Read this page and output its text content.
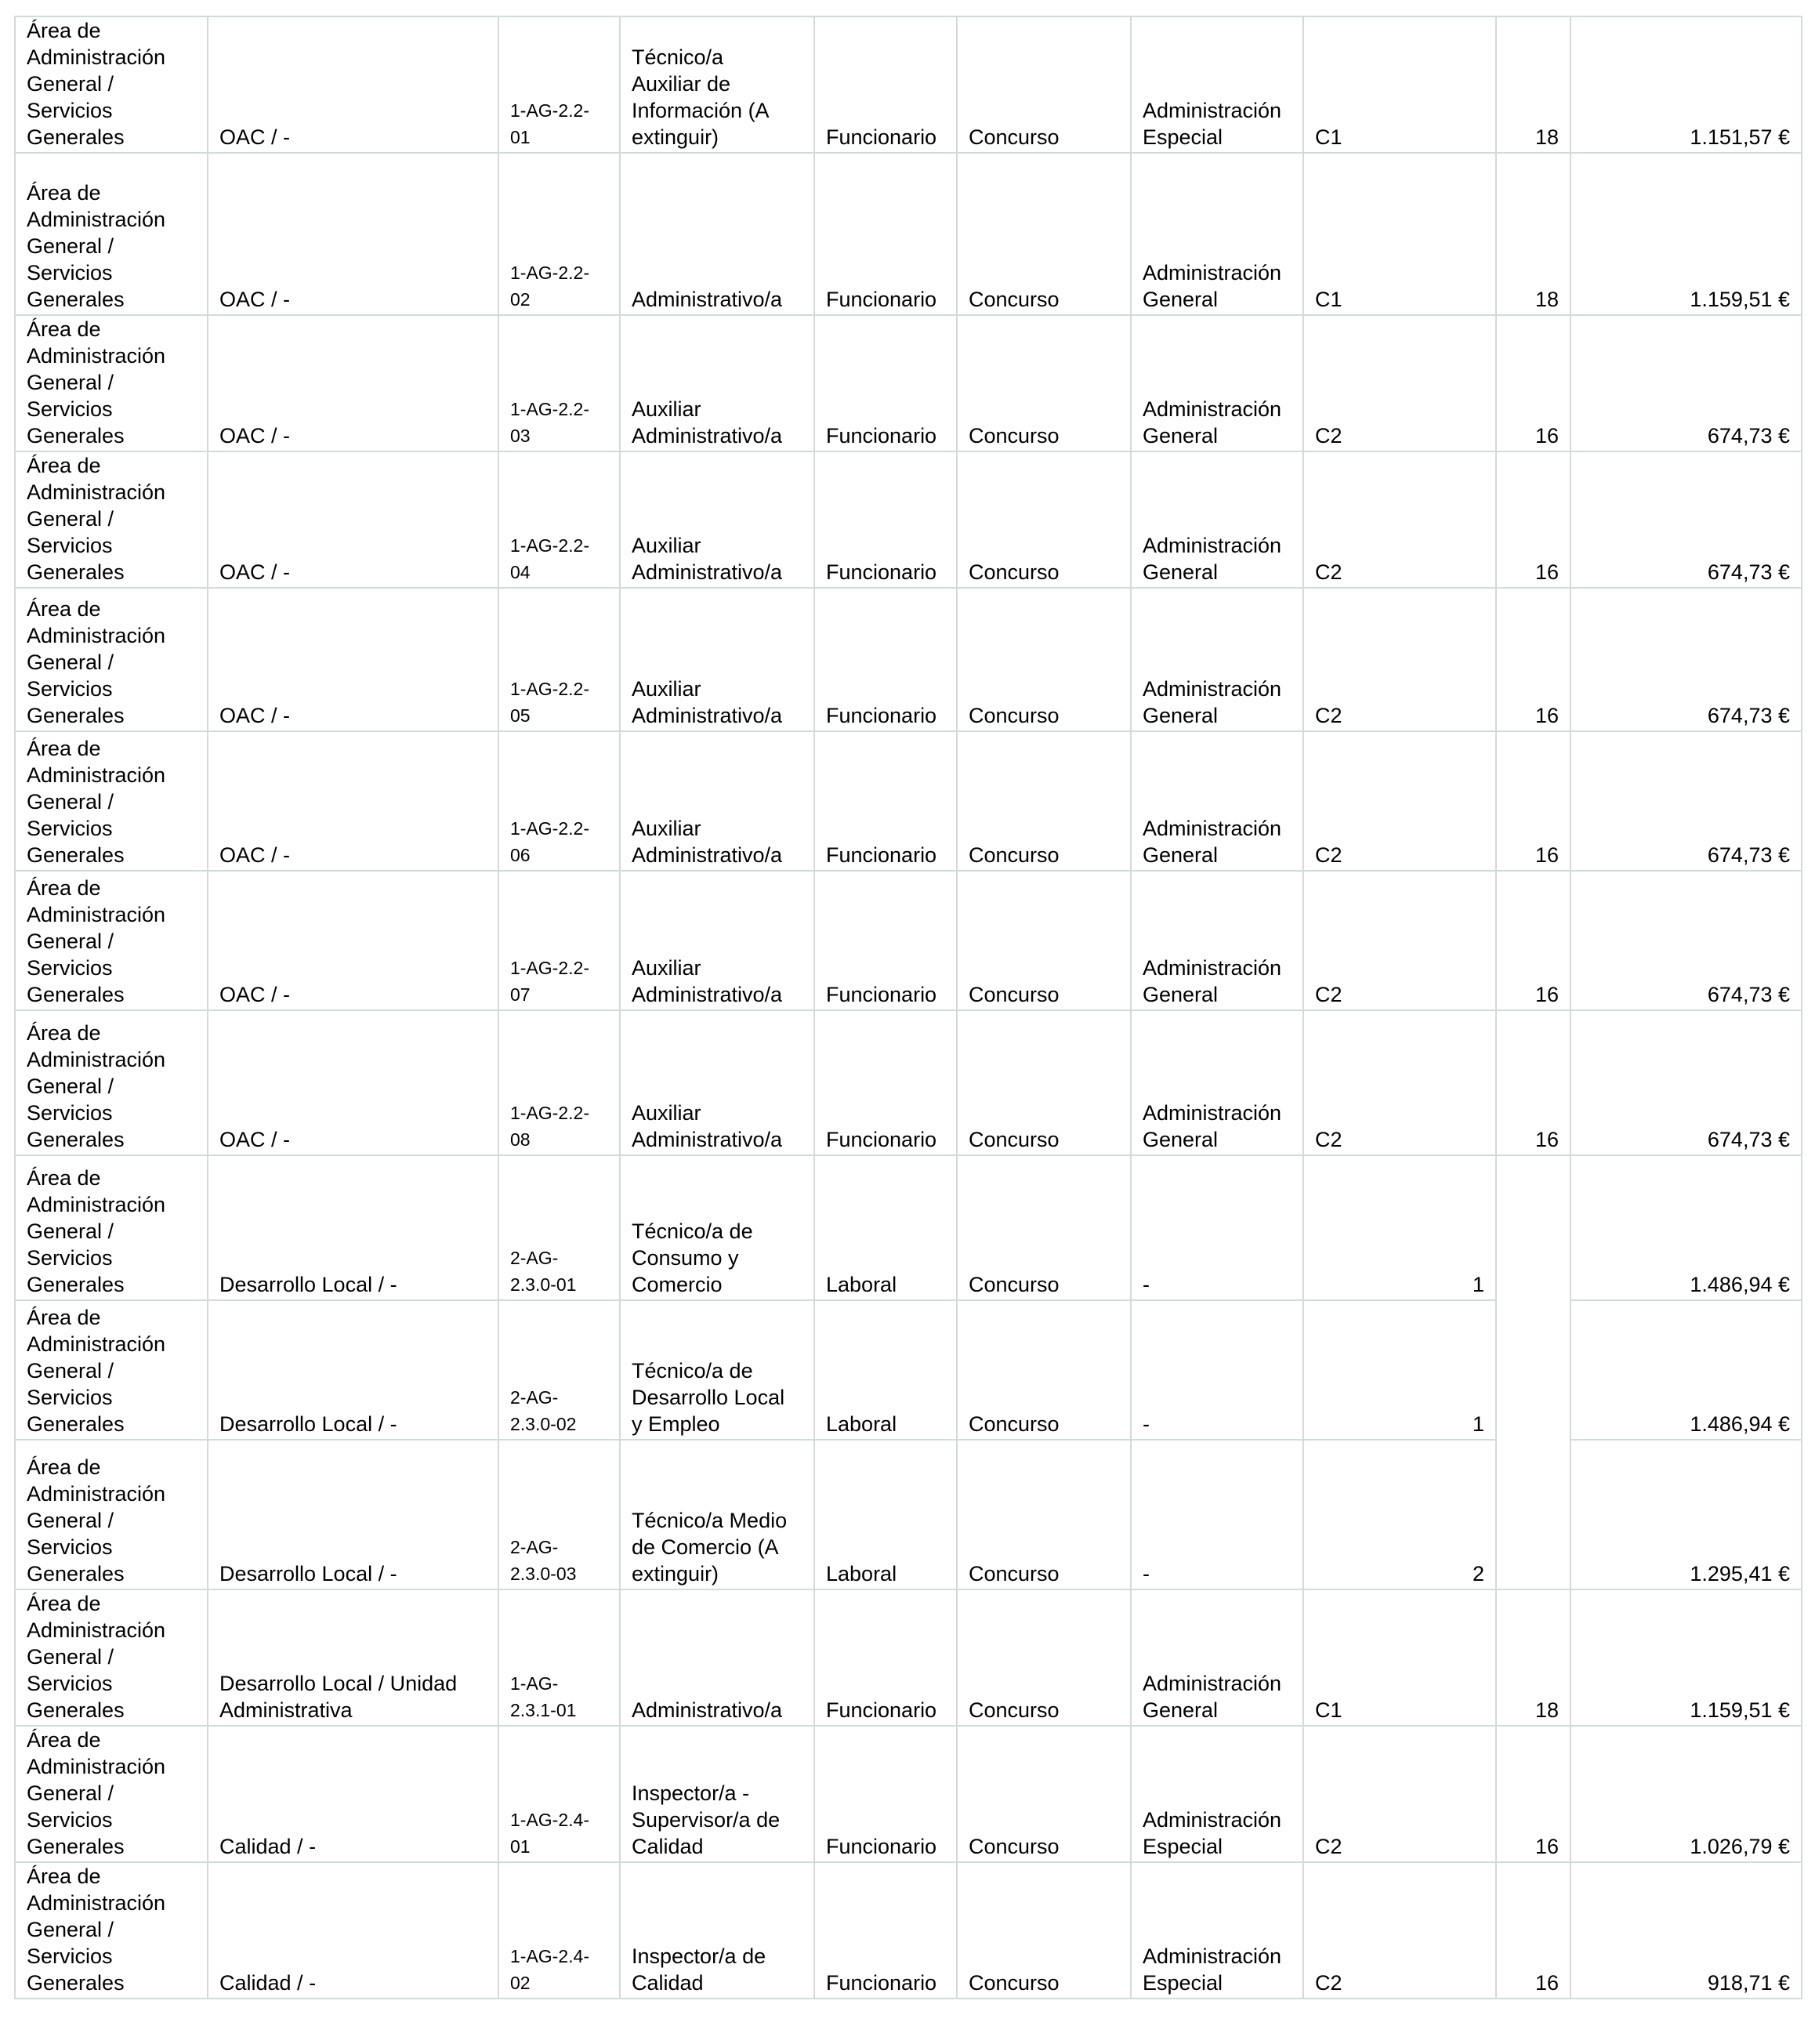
Área de
Administración
General /
Servicios
Generales	OAC / -	1-AG-2.2-
01	Técnico/a
Auxiliar de
Información (A
extinguir)	Funcionario	Concurso	Administración
Especial	C1	18	1.151,57 €

Área de
Administración
General /
Servicios
Generales	OAC / -	1-AG-2.2-
02	Administrativo/a	Funcionario	Concurso	Administración
General	C1	18	1.159,51 €

Área de
Administración
General /
Servicios
Generales	OAC / -	1-AG-2.2-
03	Auxiliar
Administrativo/a	Funcionario	Concurso	Administración
General	C2	16	674,73 €

Área de
Administración
General /
Servicios
Generales	OAC / -	1-AG-2.2-
04	Auxiliar
Administrativo/a	Funcionario	Concurso	Administración
General	C2	16	674,73 €

Área de
Administración
General /
Servicios
Generales	OAC / -	1-AG-2.2-
05	Auxiliar
Administrativo/a	Funcionario	Concurso	Administración
General	C2	16	674,73 €

Área de
Administración
General /
Servicios
Generales	OAC / -	1-AG-2.2-
06	Auxiliar
Administrativo/a	Funcionario	Concurso	Administración
General	C2	16	674,73 €

Área de
Administración
General /
Servicios
Generales	OAC / -	1-AG-2.2-
07	Auxiliar
Administrativo/a	Funcionario	Concurso	Administración
General	C2	16	674,73 €

Área de
Administración
General /
Servicios
Generales	OAC / -	1-AG-2.2-
08	Auxiliar
Administrativo/a	Funcionario	Concurso	Administración
General	C2	16	674,73 €

Área de
Administración
General /
Servicios
Generales	Desarrollo Local / -	2-AG-
2.3.0-01	Técnico/a de
Consumo y
Comercio	Laboral	Concurso	-	1		1.486,94 €

Área de
Administración
General /
Servicios
Generales	Desarrollo Local / -	2-AG-
2.3.0-02	Técnico/a de
Desarrollo Local
y Empleo	Laboral	Concurso	-	1		1.486,94 €

Área de
Administración
General /
Servicios
Generales	Desarrollo Local / -	2-AG-
2.3.0-03	Técnico/a Medio
de Comercio (A
extinguir)	Laboral	Concurso	-	2		1.295,41 €

Área de
Administración
General /
Servicios
Generales	Desarrollo Local / Unidad
Administrativa	1-AG-
2.3.1-01	Administrativo/a	Funcionario	Concurso	Administración
General	C1	18	1.159,51 €

Área de
Administración
General /
Servicios
Generales	Calidad / -	1-AG-2.4-
01	Inspector/a -
Supervisor/a de
Calidad	Funcionario	Concurso	Administración
Especial	C2	16	1.026,79 €

Área de
Administración
General /
Servicios
Generales	Calidad / -	1-AG-2.4-
02	Inspector/a de
Calidad	Funcionario	Concurso	Administración
Especial	C2	16	918,71 €
